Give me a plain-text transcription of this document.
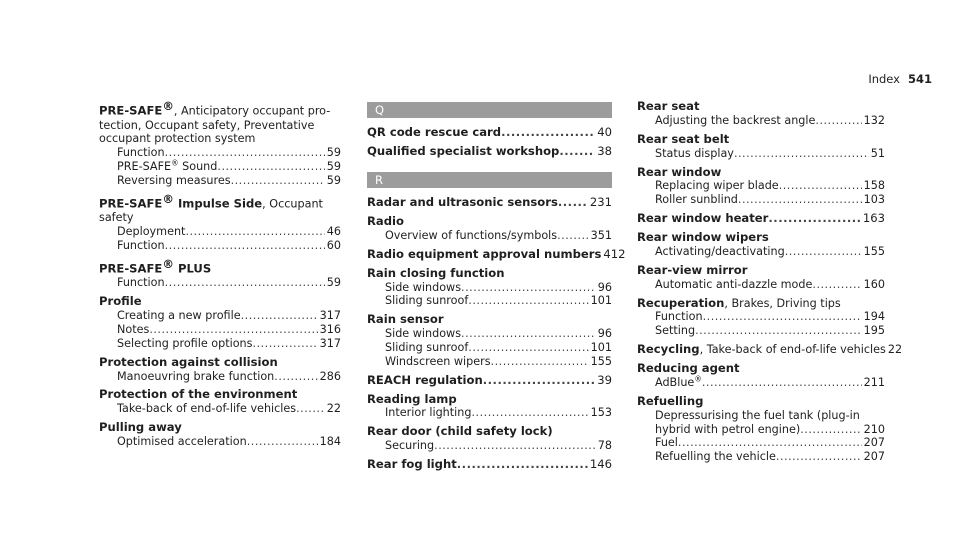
Index 541
PRE-SAFE®, Anticipatory occupant pro-
tection, Occupant safety, Preventative
occupant protection system
Function .....	59
PRE-SAFE® Sound .....	59
Reversing measures .....	59
PRE-SAFE® Impulse Side, Occupant safety
Deployment .....	46
Function .....	60
PRE-SAFE® PLUS
Function .....	59
Profile
Creating a new profile .....	317
Notes .....	316
Selecting profile options .....	317
Protection against collision
Manoeuvring brake function .....	286
Protection of the environment
Take-back of end-of-life vehicles .....	22
Pulling away
Optimised acceleration .....	184
Q
QR code rescue card .....	40
Qualified specialist workshop .....	38
R
Radar and ultrasonic sensors .....	231
Radio
Overview of functions/symbols .....	351
Radio equipment approval numbers 412
Rain closing function
Side windows .....	96
Sliding sunroof .....	101
Rain sensor
Side windows .....	96
Sliding sunroof .....	101
Windscreen wipers .....	155
REACH regulation .....	39
Reading lamp
Interior lighting .....	153
Rear door (child safety lock)
Securing .....	78
Rear fog light .....	146
Rear seat
Adjusting the backrest angle .....	132
Rear seat belt
Status display .....	51
Rear window
Replacing wiper blade .....	158
Roller sunblind .....	103
Rear window heater .....	163
Rear window wipers
Activating/deactivating .....	155
Rear-view mirror
Automatic anti-dazzle mode .....	160
Recuperation, Brakes, Driving tips
Function .....	194
Setting .....	195
Recycling, Take-back of end-of-life vehicles 22
Reducing agent
AdBlue® .....	211
Refuelling
Depressurising the fuel tank (plug-in
hybrid with petrol engine) .....	210
Fuel .....	207
Refuelling the vehicle .....	207
